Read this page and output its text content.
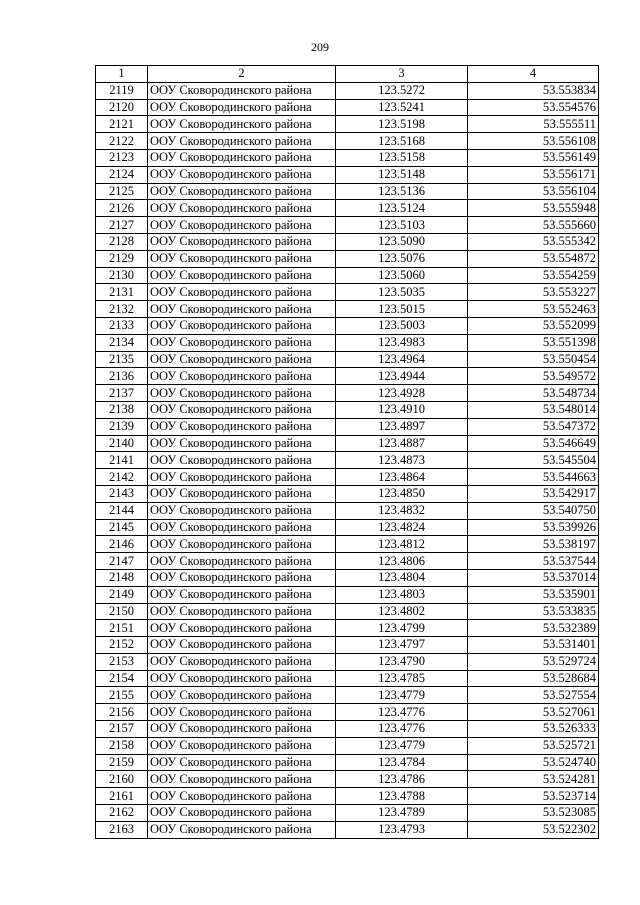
209
1	2	3	4
2119	ООУ Сковородинского района	123.5272	53.553834
2120	ООУ Сковородинского района	123.5241	53.554576
2121	ООУ Сковородинского района	123.5198	53.555511
2122	ООУ Сковородинского района	123.5168	53.556108
2123	ООУ Сковородинского района	123.5158	53.556149
2124	ООУ Сковородинского района	123.5148	53.556171
2125	ООУ Сковородинского района	123.5136	53.556104
2126	ООУ Сковородинского района	123.5124	53.555948
2127	ООУ Сковородинского района	123.5103	53.555660
2128	ООУ Сковородинского района	123.5090	53.555342
2129	ООУ Сковородинского района	123.5076	53.554872
2130	ООУ Сковородинского района	123.5060	53.554259
2131	ООУ Сковородинского района	123.5035	53.553227
2132	ООУ Сковородинского района	123.5015	53.552463
2133	ООУ Сковородинского района	123.5003	53.552099
2134	ООУ Сковородинского района	123.4983	53.551398
2135	ООУ Сковородинского района	123.4964	53.550454
2136	ООУ Сковородинского района	123.4944	53.549572
2137	ООУ Сковородинского района	123.4928	53.548734
2138	ООУ Сковородинского района	123.4910	53.548014
2139	ООУ Сковородинского района	123.4897	53.547372
2140	ООУ Сковородинского района	123.4887	53.546649
2141	ООУ Сковородинского района	123.4873	53.545504
2142	ООУ Сковородинского района	123.4864	53.544663
2143	ООУ Сковородинского района	123.4850	53.542917
2144	ООУ Сковородинского района	123.4832	53.540750
2145	ООУ Сковородинского района	123.4824	53.539926
2146	ООУ Сковородинского района	123.4812	53.538197
2147	ООУ Сковородинского района	123.4806	53.537544
2148	ООУ Сковородинского района	123.4804	53.537014
2149	ООУ Сковородинского района	123.4803	53.535901
2150	ООУ Сковородинского района	123.4802	53.533835
2151	ООУ Сковородинского района	123.4799	53.532389
2152	ООУ Сковородинского района	123.4797	53.531401
2153	ООУ Сковородинского района	123.4790	53.529724
2154	ООУ Сковородинского района	123.4785	53.528684
2155	ООУ Сковородинского района	123.4779	53.527554
2156	ООУ Сковородинского района	123.4776	53.527061
2157	ООУ Сковородинского района	123.4776	53.526333
2158	ООУ Сковородинского района	123.4779	53.525721
2159	ООУ Сковородинского района	123.4784	53.524740
2160	ООУ Сковородинского района	123.4786	53.524281
2161	ООУ Сковородинского района	123.4788	53.523714
2162	ООУ Сковородинского района	123.4789	53.523085
2163	ООУ Сковородинского района	123.4793	53.522302
